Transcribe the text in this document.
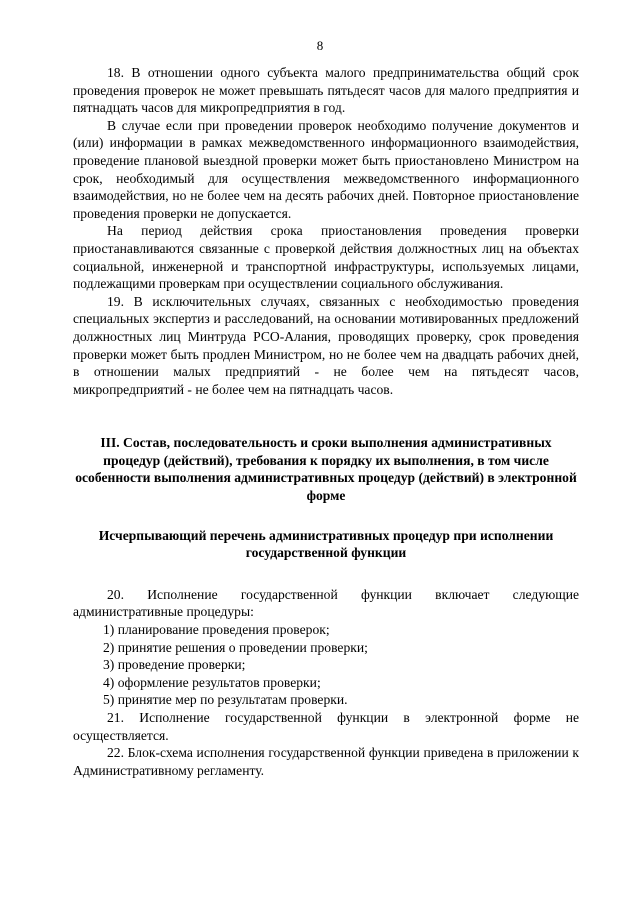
8

18. В отношении одного субъекта малого предпринимательства общий срок проведения проверок не может превышать пятьдесят часов для малого предприятия и пятнадцать часов для микропредприятия в год.

В случае если при проведении проверок необходимо получение документов и (или) информации в рамках межведомственного информационного взаимодействия, проведение плановой выездной проверки может быть приостановлено Министром на срок, необходимый для осуществления межведомственного информационного взаимодействия, но не более чем на десять рабочих дней. Повторное приостановление проведения проверки не допускается.

На период действия срока приостановления проведения проверки приостанавливаются связанные с проверкой действия должностных лиц на объектах социальной, инженерной и транспортной инфраструктуры, используемых лицами, подлежащими проверкам при осуществлении социального обслуживания.

19. В исключительных случаях, связанных с необходимостью проведения специальных экспертиз и расследований, на основании мотивированных предложений должностных лиц Минтруда РСО-Алания, проводящих проверку, срок проведения проверки может быть продлен Министром, но не более чем на двадцать рабочих дней, в отношении малых предприятий - не более чем на пятьдесят часов, микропредприятий - не более чем на пятнадцать часов.

III. Состав, последовательность и сроки выполнения административных процедур (действий), требования к порядку их выполнения, в том числе особенности выполнения административных процедур (действий) в электронной форме

Исчерпывающий перечень административных процедур при исполнении государственной функции

20. Исполнение государственной функции включает следующие административные процедуры:

1) планирование проведения проверок;

2) принятие решения о проведении проверки;

3) проведение проверки;

4) оформление результатов проверки;

5) принятие мер по результатам проверки.

21. Исполнение государственной функции в электронной форме не осуществляется.

22. Блок-схема исполнения государственной функции приведена в приложении к Административному регламенту.
